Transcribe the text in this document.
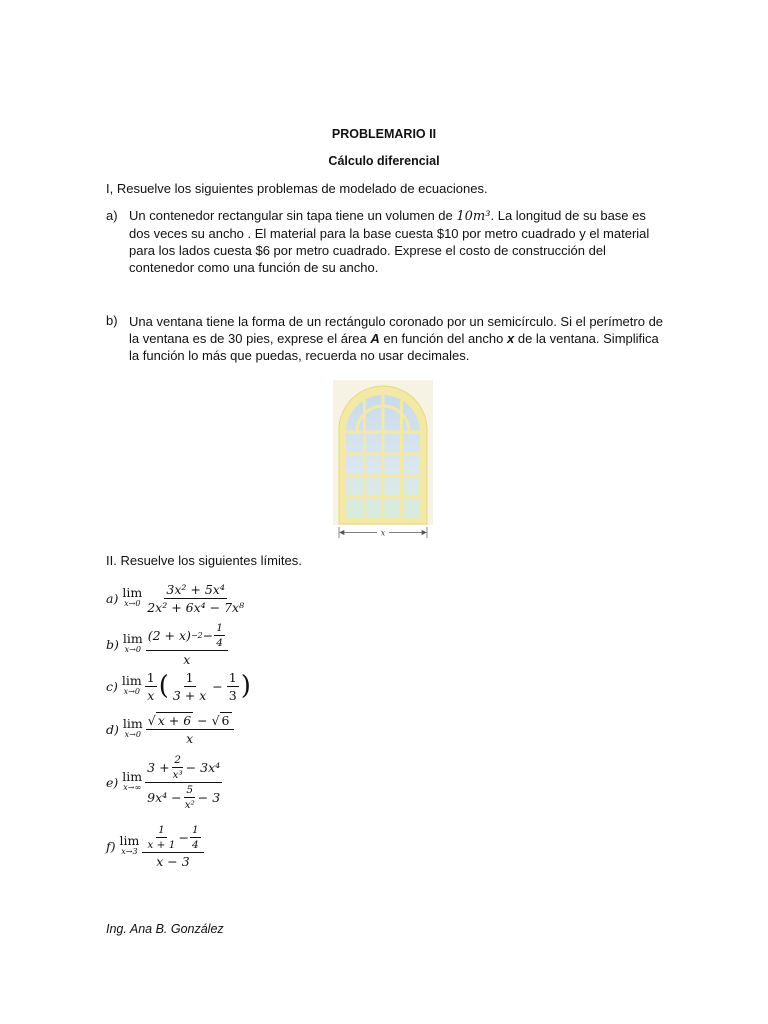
PROBLEMARIO II
Cálculo diferencial
I, Resuelve los siguientes problemas de modelado de ecuaciones.
a) Un contenedor rectangular sin tapa tiene un volumen de 10m³. La longitud de su base es dos veces su ancho . El material para la base cuesta $10 por metro cuadrado y el material para los lados cuesta $6 por metro cuadrado. Exprese el costo de construcción del contenedor como una función de su ancho.
b) Una ventana tiene la forma de un rectángulo coronado por un semicírculo. Si el perímetro de la ventana es de 30 pies, exprese el área A en función del ancho x de la ventana. Simplifica la función lo más que puedas, recuerda no usar decimales.
x
II. Resuelve los siguientes límites.
a) lim
$x\to 0 \frac{\text{3x² + 5x⁴}}{\text{2x² + 6x⁴ − 7x⁸}}$
b) lim
$x\to 0 \frac{(2 + x) -2 - \frac{1}{4}}{x}$
c) lim
$x\to 0 \frac{1}{x}$ ( $\frac{1}{3 + x} - \frac{1}{3}$ )
d) lim
$x\to 0 \frac{√ x + 6 - √ 6}{x}$
e) lim
$x\to\infty \frac{3 + \frac{2}{\text{x³}} - 3x^4}{9x^4 - \frac{5}{\text{x²}} - 3}$
f) lim
$x\to 3 \frac{\frac{1}{x + 1} - \frac{1}{4}}{x - 3}$
Ing. Ana B. González
